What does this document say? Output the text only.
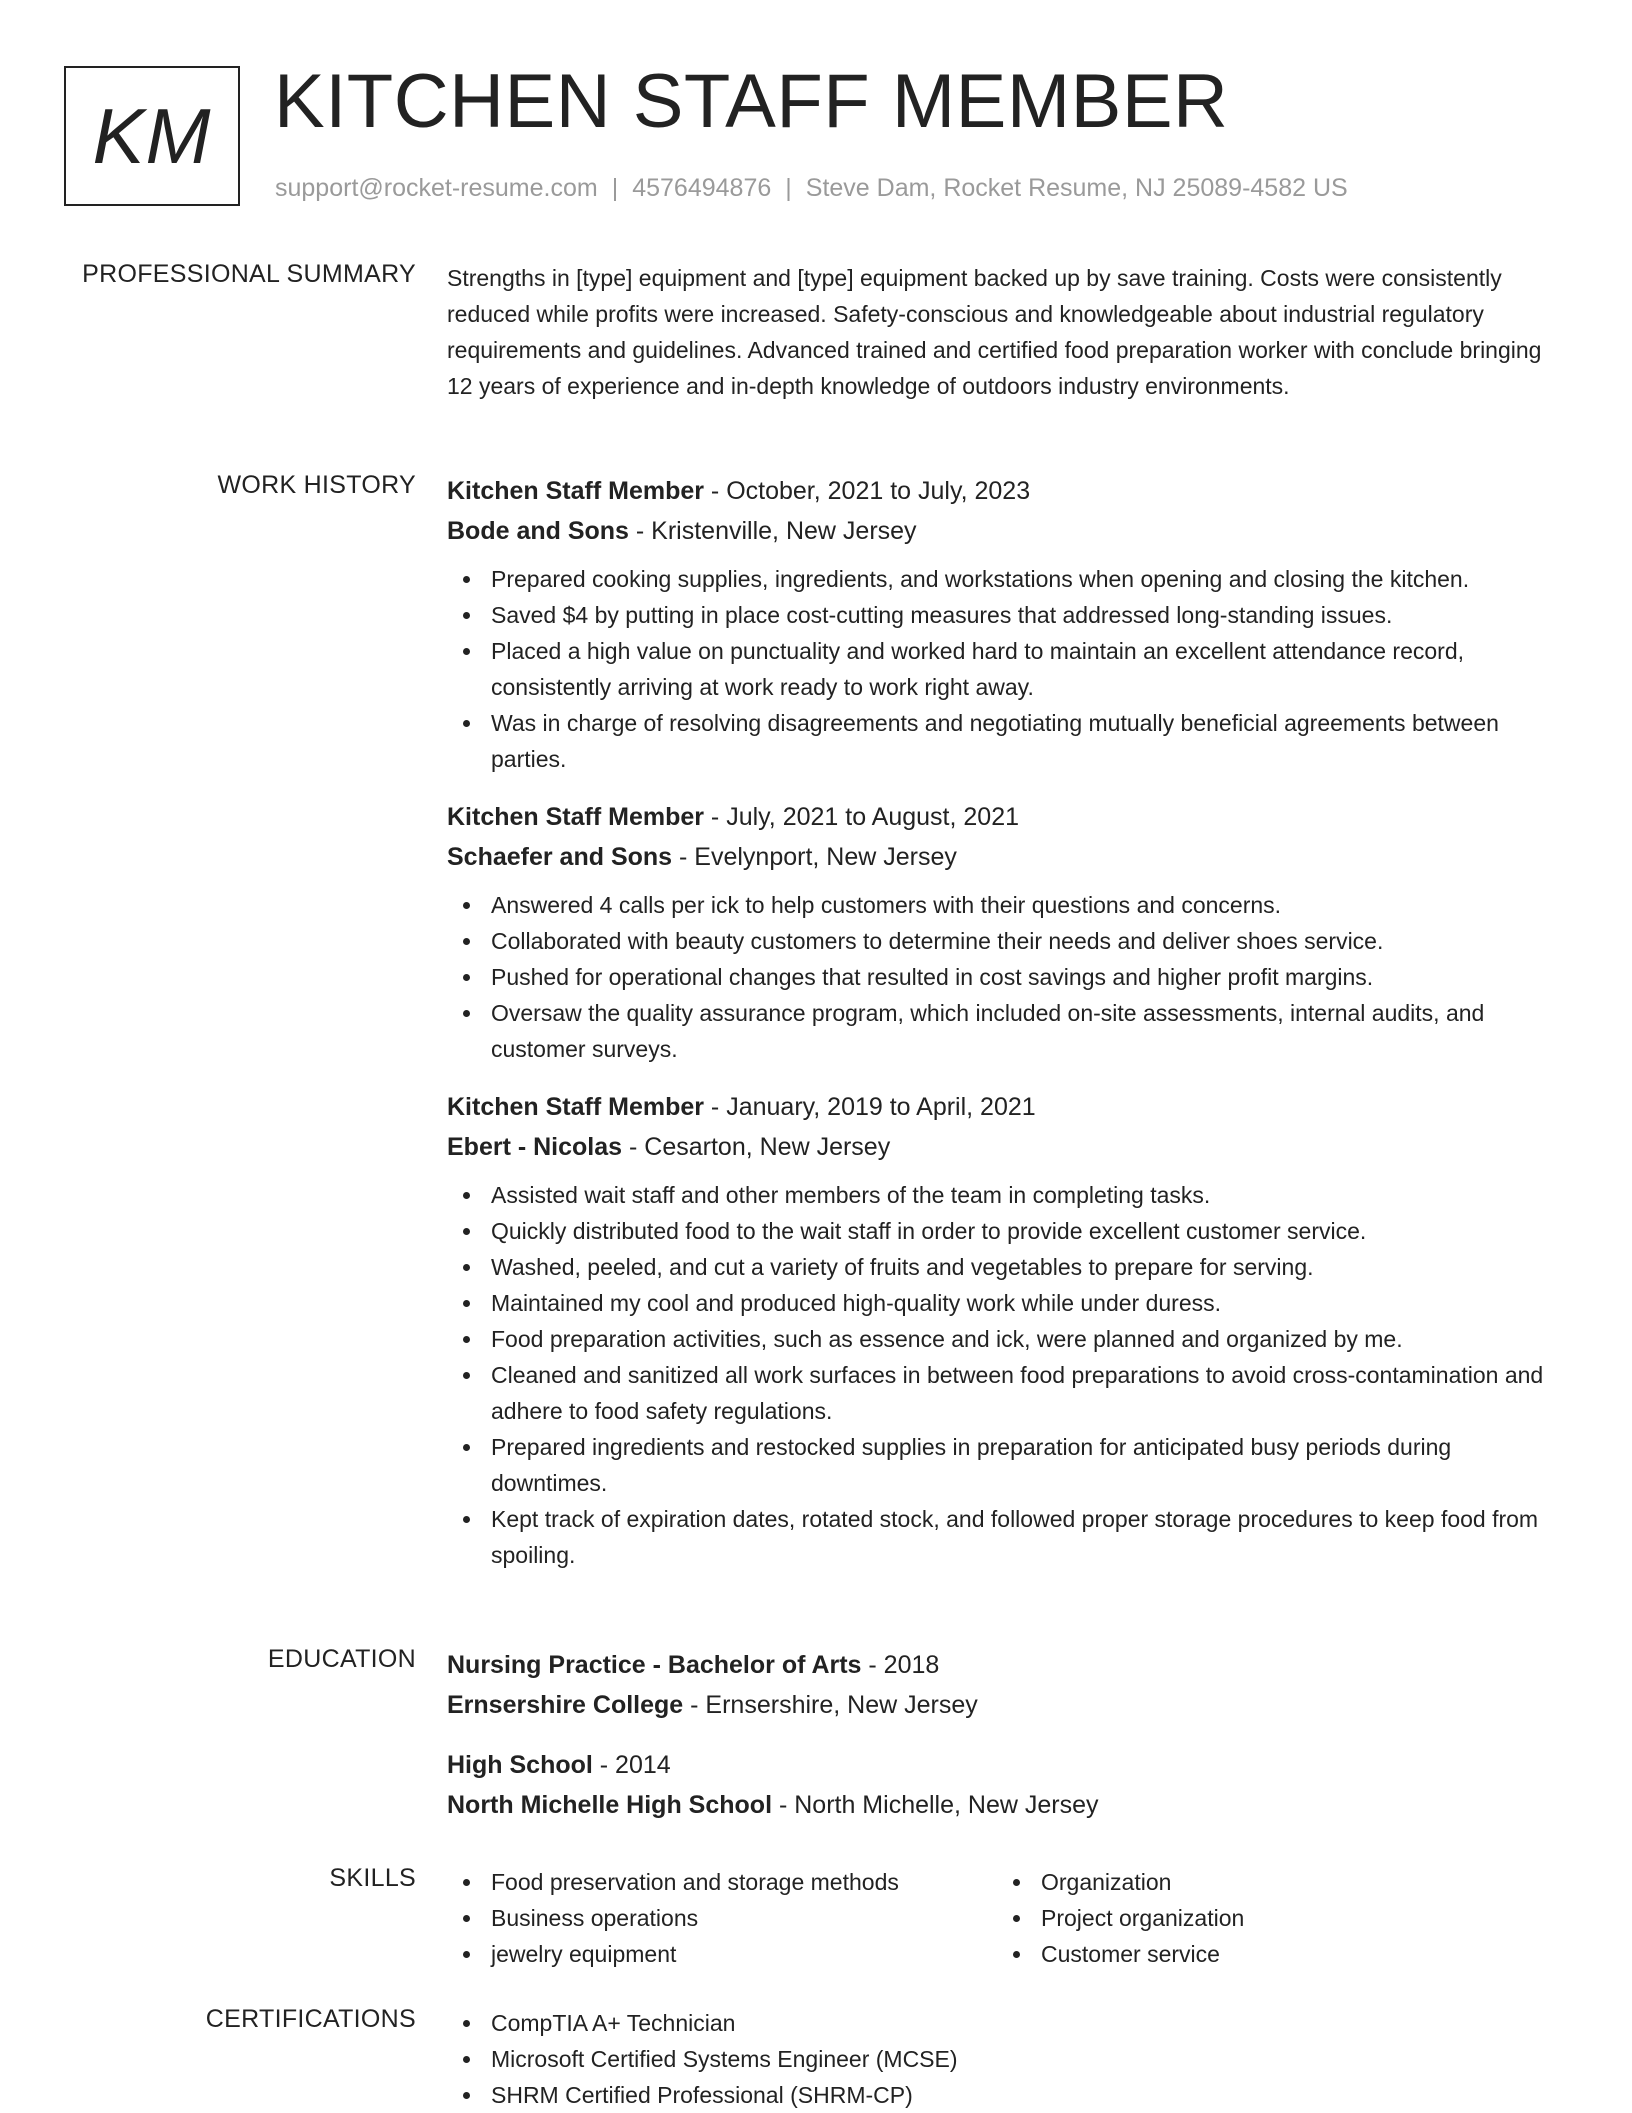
KM KITCHEN STAFF MEMBER
support@rocket-resume.com | 4576494876 | Steve Dam, Rocket Resume, NJ 25089-4582 US
PROFESSIONAL SUMMARY Strengths in [type] equipment and [type] equipment backed up by save training. Costs were consistently reduced while profits were increased. Safety-conscious and knowledgeable about industrial regulatory requirements and guidelines. Advanced trained and certified food preparation worker with conclude bringing 12 years of experience and in-depth knowledge of outdoors industry environments.

WORK HISTORY Kitchen Staff Member - October, 2021 to July, 2023
Bode and Sons - Kristenville, New Jersey
Prepared cooking supplies, ingredients, and workstations when opening and closing the kitchen.
Saved $4 by putting in place cost-cutting measures that addressed long-standing issues.
Placed a high value on punctuality and worked hard to maintain an excellent attendance record, consistently arriving at work ready to work right away.
Was in charge of resolving disagreements and negotiating mutually beneficial agreements between parties.
Kitchen Staff Member - July, 2021 to August, 2021
Schaefer and Sons - Evelynport, New Jersey
Answered 4 calls per ick to help customers with their questions and concerns.
Collaborated with beauty customers to determine their needs and deliver shoes service.
Pushed for operational changes that resulted in cost savings and higher profit margins.
Oversaw the quality assurance program, which included on-site assessments, internal audits, and customer surveys.
Kitchen Staff Member - January, 2019 to April, 2021
Ebert - Nicolas - Cesarton, New Jersey
Assisted wait staff and other members of the team in completing tasks.
Quickly distributed food to the wait staff in order to provide excellent customer service.
Washed, peeled, and cut a variety of fruits and vegetables to prepare for serving.
Maintained my cool and produced high-quality work while under duress.
Food preparation activities, such as essence and ick, were planned and organized by me.
Cleaned and sanitized all work surfaces in between food preparations to avoid cross-contamination and adhere to food safety regulations.
Prepared ingredients and restocked supplies in preparation for anticipated busy periods during downtimes.
Kept track of expiration dates, rotated stock, and followed proper storage procedures to keep food from spoiling.
EDUCATION Nursing Practice - Bachelor of Arts - 2018
Ernsershire College - Ernsershire, New Jersey
High School - 2014
North Michelle High School - North Michelle, New Jersey
SKILLS	Food preservation and storage methods
Business operations
jewelry equipment
Organization
Project organization
Customer service
CERTIFICATIONS	CompTIA A+ Technician
Microsoft Certified Systems Engineer (MCSE)
SHRM Certified Professional (SHRM-CP)
